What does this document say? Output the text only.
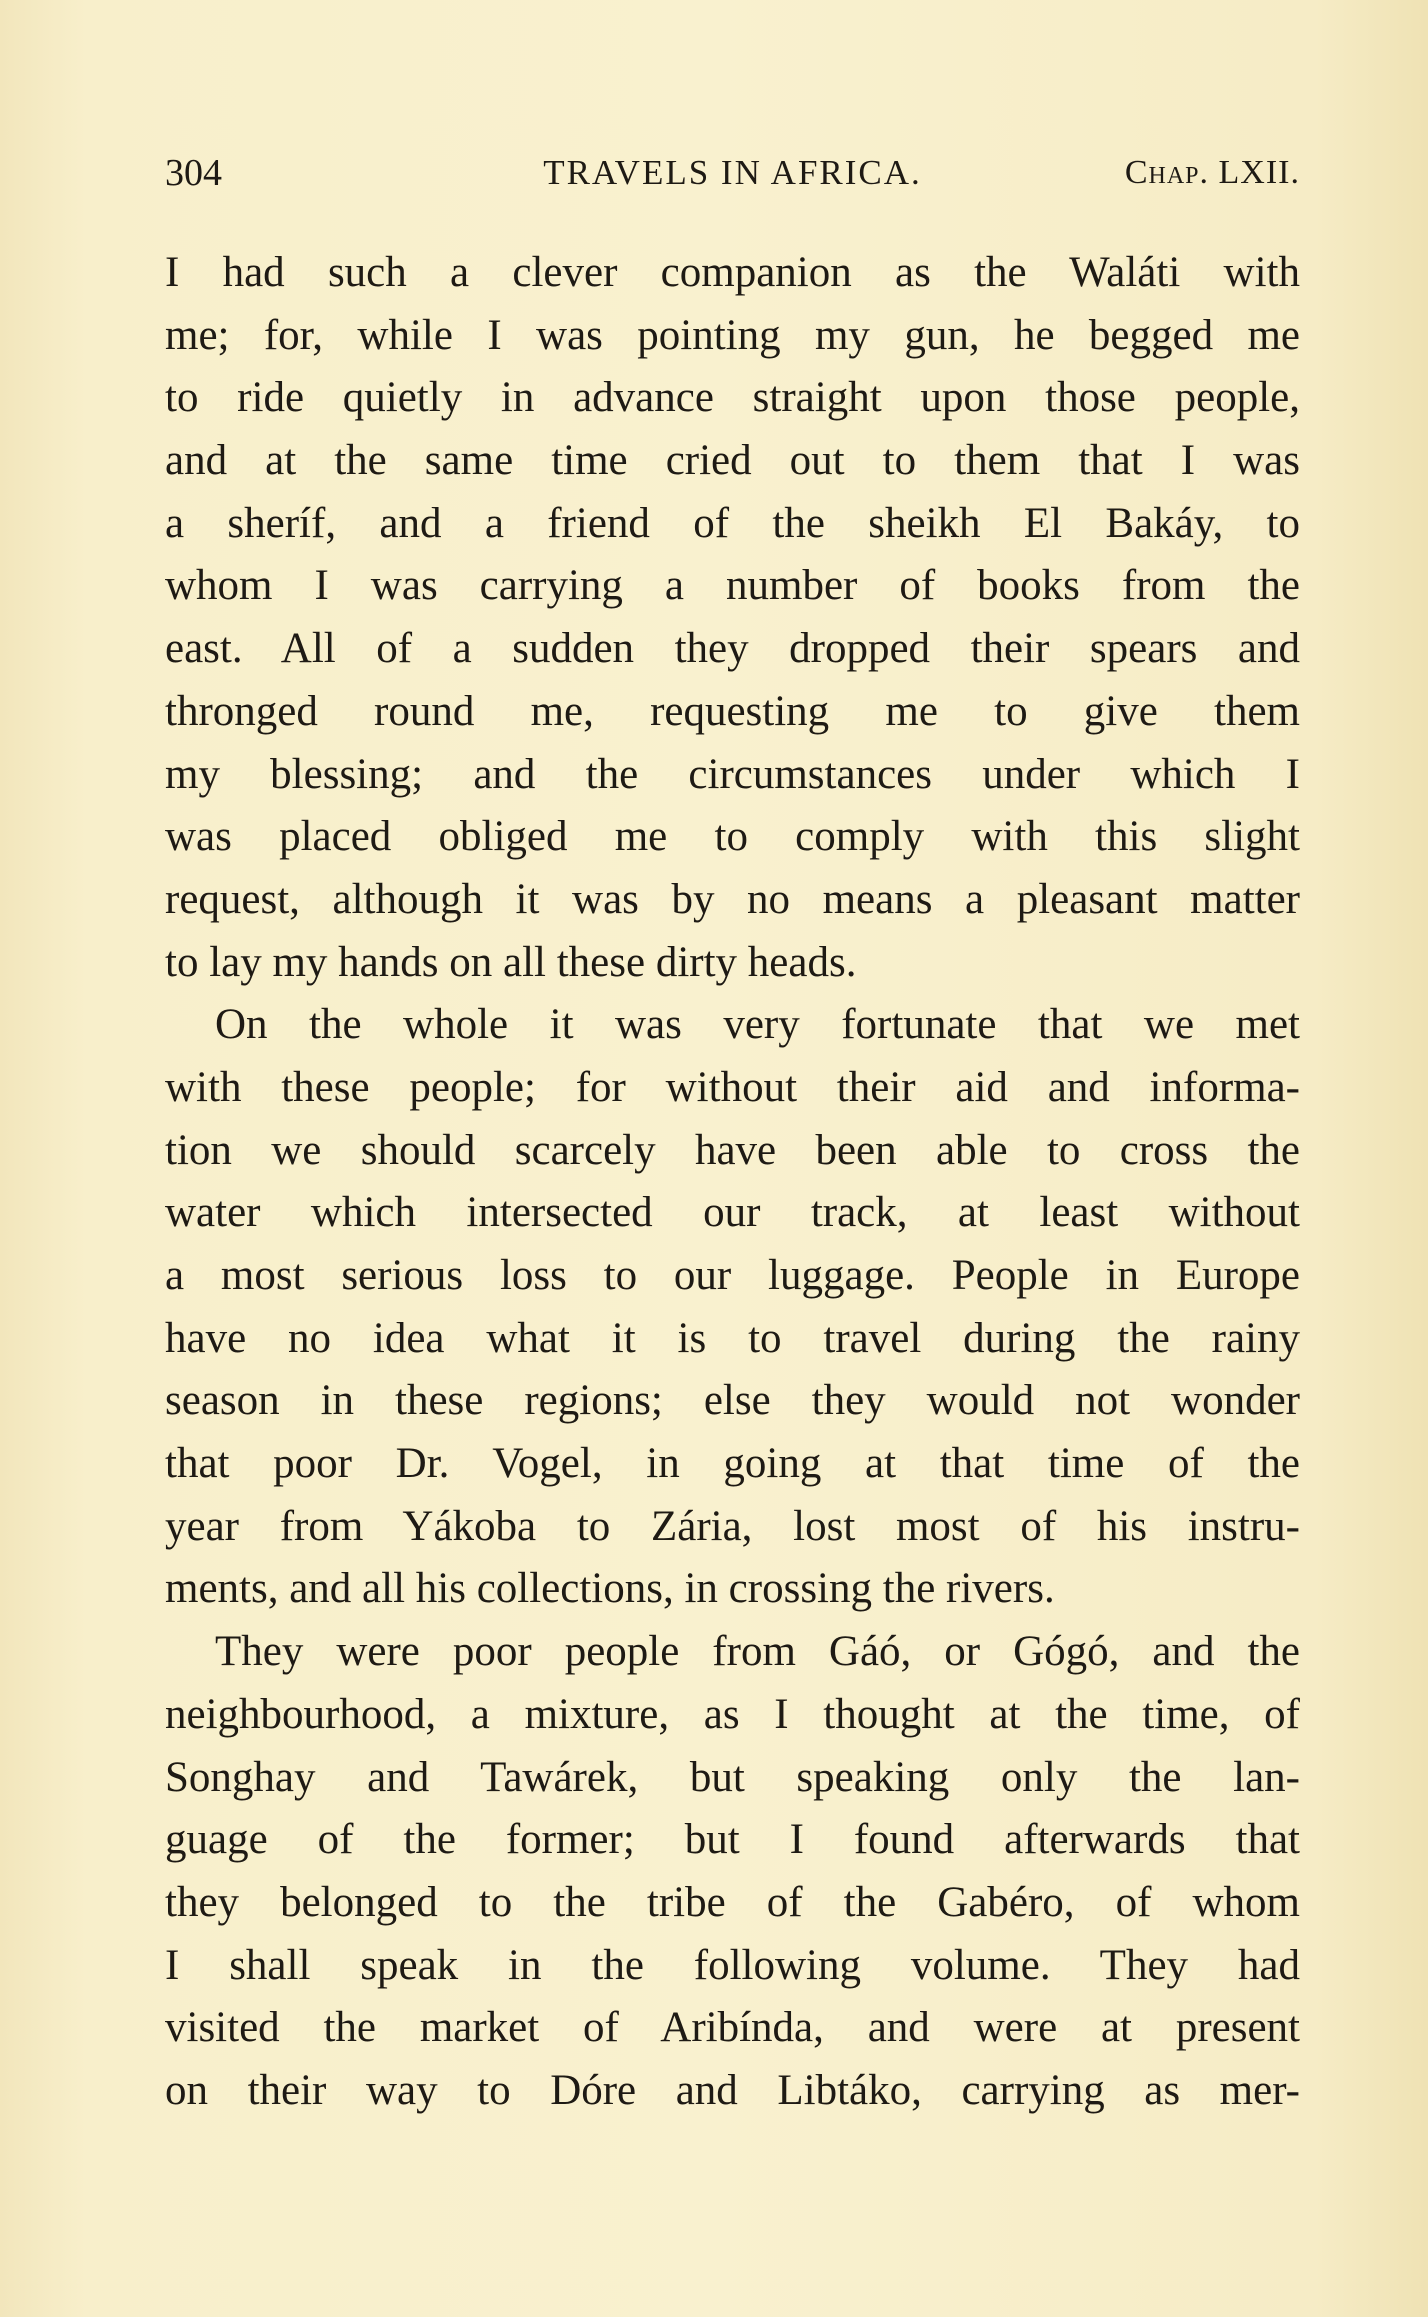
304	TRAVELS IN AFRICA.	Chap. LXII.
I had such a clever companion as the Waláti with
me; for, while I was pointing my gun, he begged me
to ride quietly in advance straight upon those people,
and at the same time cried out to them that I was
a sheríf, and a friend of the sheikh El Bakáy, to
whom I was carrying a number of books from the
east. All of a sudden they dropped their spears and
thronged round me, requesting me to give them
my blessing; and the circumstances under which I
was placed obliged me to comply with this slight
request, although it was by no means a pleasant matter
to lay my hands on all these dirty heads.
On the whole it was very fortunate that we met
with these people; for without their aid and informa-
tion we should scarcely have been able to cross the
water which intersected our track, at least without
a most serious loss to our luggage. People in Europe
have no idea what it is to travel during the rainy
season in these regions; else they would not wonder
that poor Dr. Vogel, in going at that time of the
year from Yákoba to Zária, lost most of his instru-
ments, and all his collections, in crossing the rivers.
They were poor people from Gáó, or Gógó, and the
neighbourhood, a mixture, as I thought at the time, of
Songhay and Tawárek, but speaking only the lan-
guage of the former; but I found afterwards that
they belonged to the tribe of the Gabéro, of whom
I shall speak in the following volume. They had
visited the market of Aribínda, and were at present
on their way to Dóre and Libtáko, carrying as mer-
